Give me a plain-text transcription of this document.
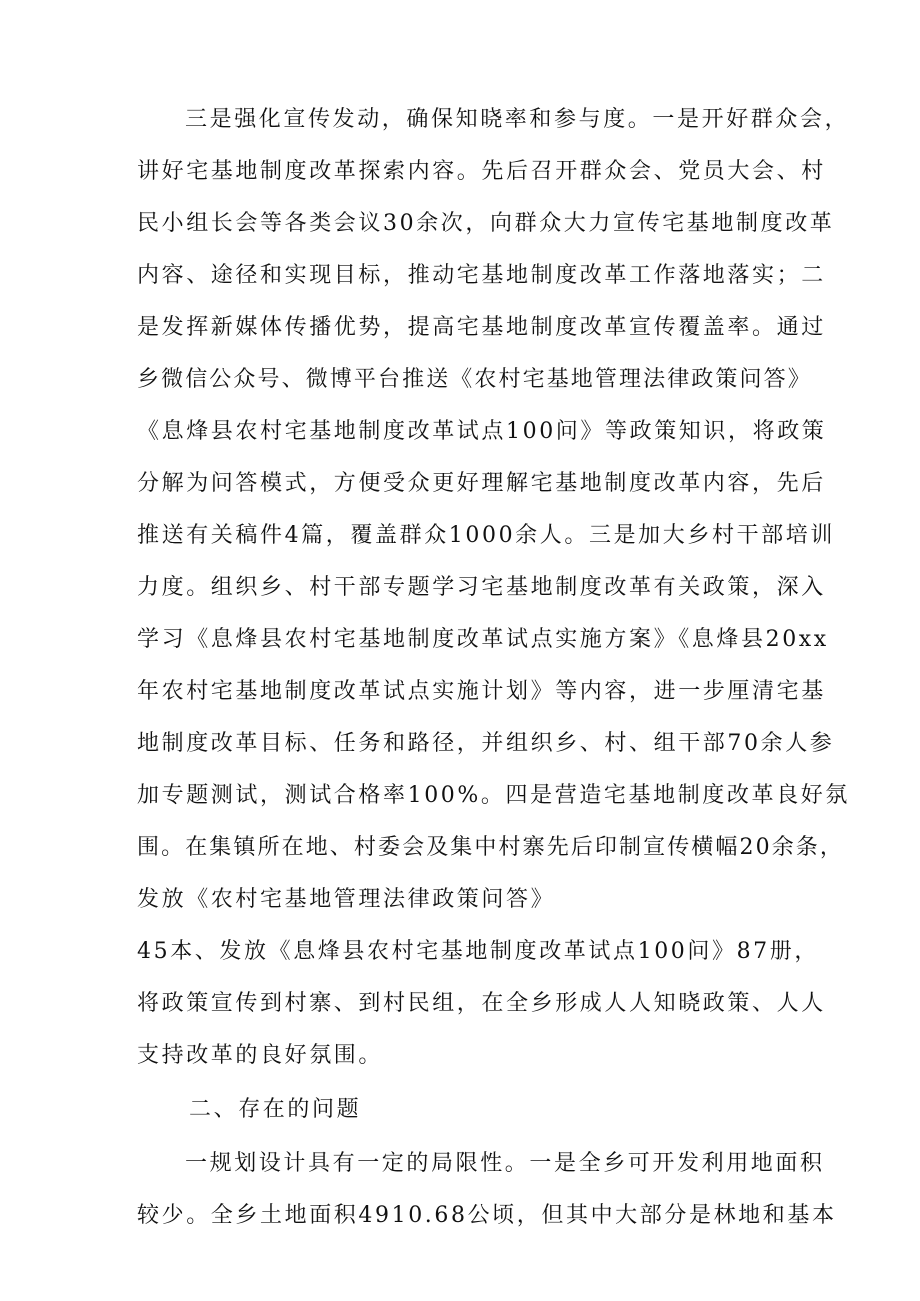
三是强化宣传发动，确保知晓率和参与度。一是开好群众会，

讲好宅基地制度改革探索内容。先后召开群众会、党员大会、村

民小组长会等各类会议30余次，向群众大力宣传宅基地制度改革

内容、途径和实现目标，推动宅基地制度改革工作落地落实；二

是发挥新媒体传播优势，提高宅基地制度改革宣传覆盖率。通过

乡微信公众号、微博平台推送《农村宅基地管理法律政策问答》

《息烽县农村宅基地制度改革试点100问》等政策知识，将政策

分解为问答模式，方便受众更好理解宅基地制度改革内容，先后

推送有关稿件4篇，覆盖群众1000余人。三是加大乡村干部培训

力度。组织乡、村干部专题学习宅基地制度改革有关政策，深入

学习《息烽县农村宅基地制度改革试点实施方案》《息烽县20xx

年农村宅基地制度改革试点实施计划》等内容，进一步厘清宅基

地制度改革目标、任务和路径，并组织乡、村、组干部70余人参

加专题测试，测试合格率100%。四是营造宅基地制度改革良好氛

围。在集镇所在地、村委会及集中村寨先后印制宣传横幅20余条，

发放《农村宅基地管理法律政策问答》

45本、发放《息烽县农村宅基地制度改革试点100问》87册，

将政策宣传到村寨、到村民组，在全乡形成人人知晓政策、人人

支持改革的良好氛围。

二、存在的问题

一规划设计具有一定的局限性。一是全乡可开发利用地面积

较少。全乡土地面积4910.68公顷，但其中大部分是林地和基本
